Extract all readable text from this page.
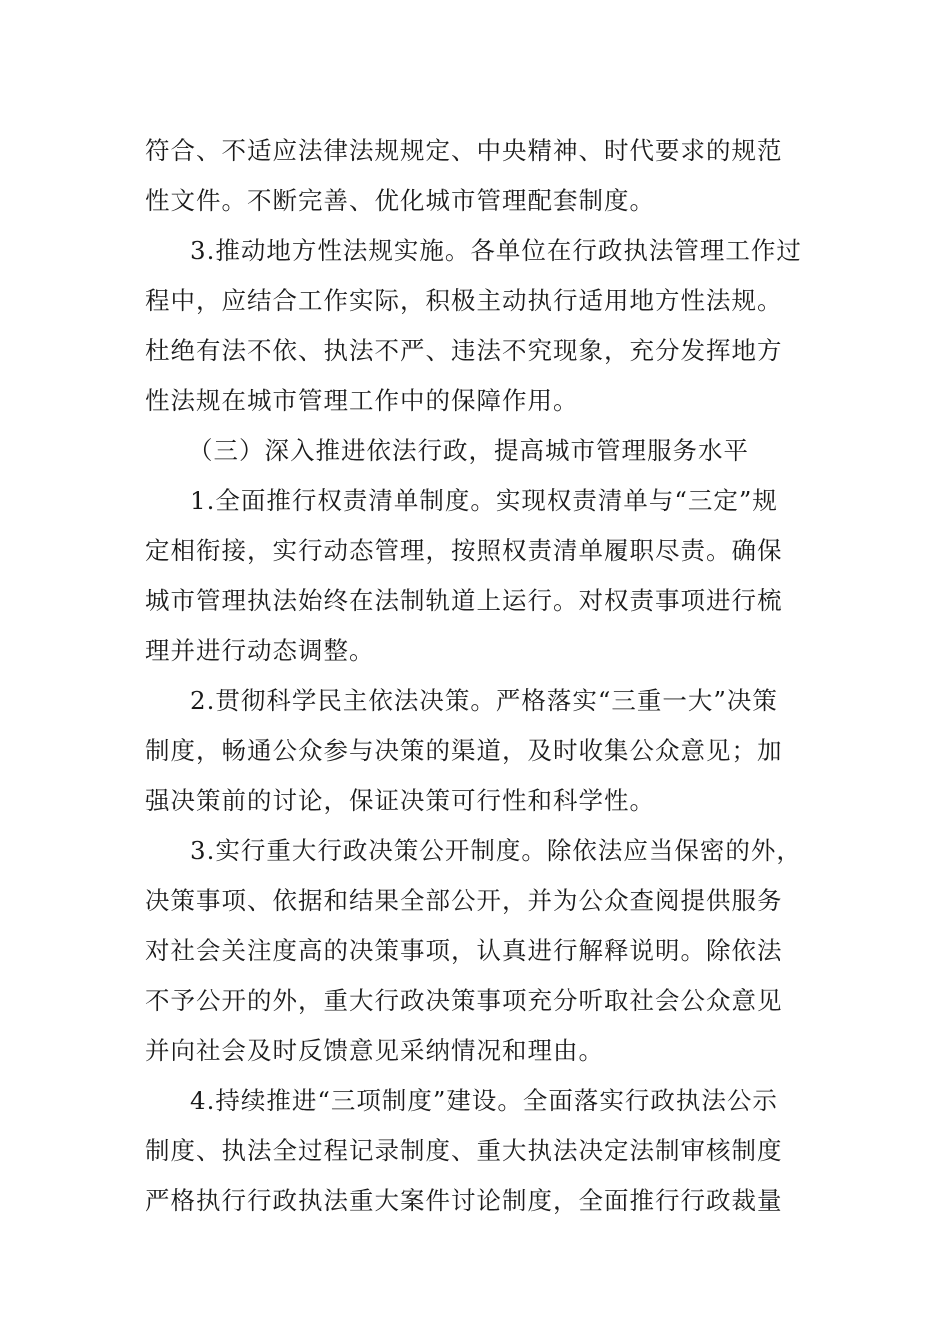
符合、不适应法律法规规定、中央精神、时代要求的规范
性文件。不断完善、优化城市管理配套制度。
3.推动地方性法规实施。各单位在行政执法管理工作过
程中，应结合工作实际，积极主动执行适用地方性法规。
杜绝有法不依、执法不严、违法不究现象，充分发挥地方
性法规在城市管理工作中的保障作用。
（三）深入推进依法行政，提高城市管理服务水平
1.全面推行权责清单制度。实现权责清单与“三定”规
定相衔接，实行动态管理，按照权责清单履职尽责。确保
城市管理执法始终在法制轨道上运行。对权责事项进行梳
理并进行动态调整。
2.贯彻科学民主依法决策。严格落实“三重一大”决策
制度，畅通公众参与决策的渠道，及时收集公众意见；加
强决策前的讨论，保证决策可行性和科学性。
3.实行重大行政决策公开制度。除依法应当保密的外，
决策事项、依据和结果全部公开，并为公众查阅提供服务
对社会关注度高的决策事项，认真进行解释说明。除依法
不予公开的外，重大行政决策事项充分听取社会公众意见
并向社会及时反馈意见采纳情况和理由。
4.持续推进“三项制度”建设。全面落实行政执法公示
制度、执法全过程记录制度、重大执法决定法制审核制度
严格执行行政执法重大案件讨论制度，全面推行行政裁量
